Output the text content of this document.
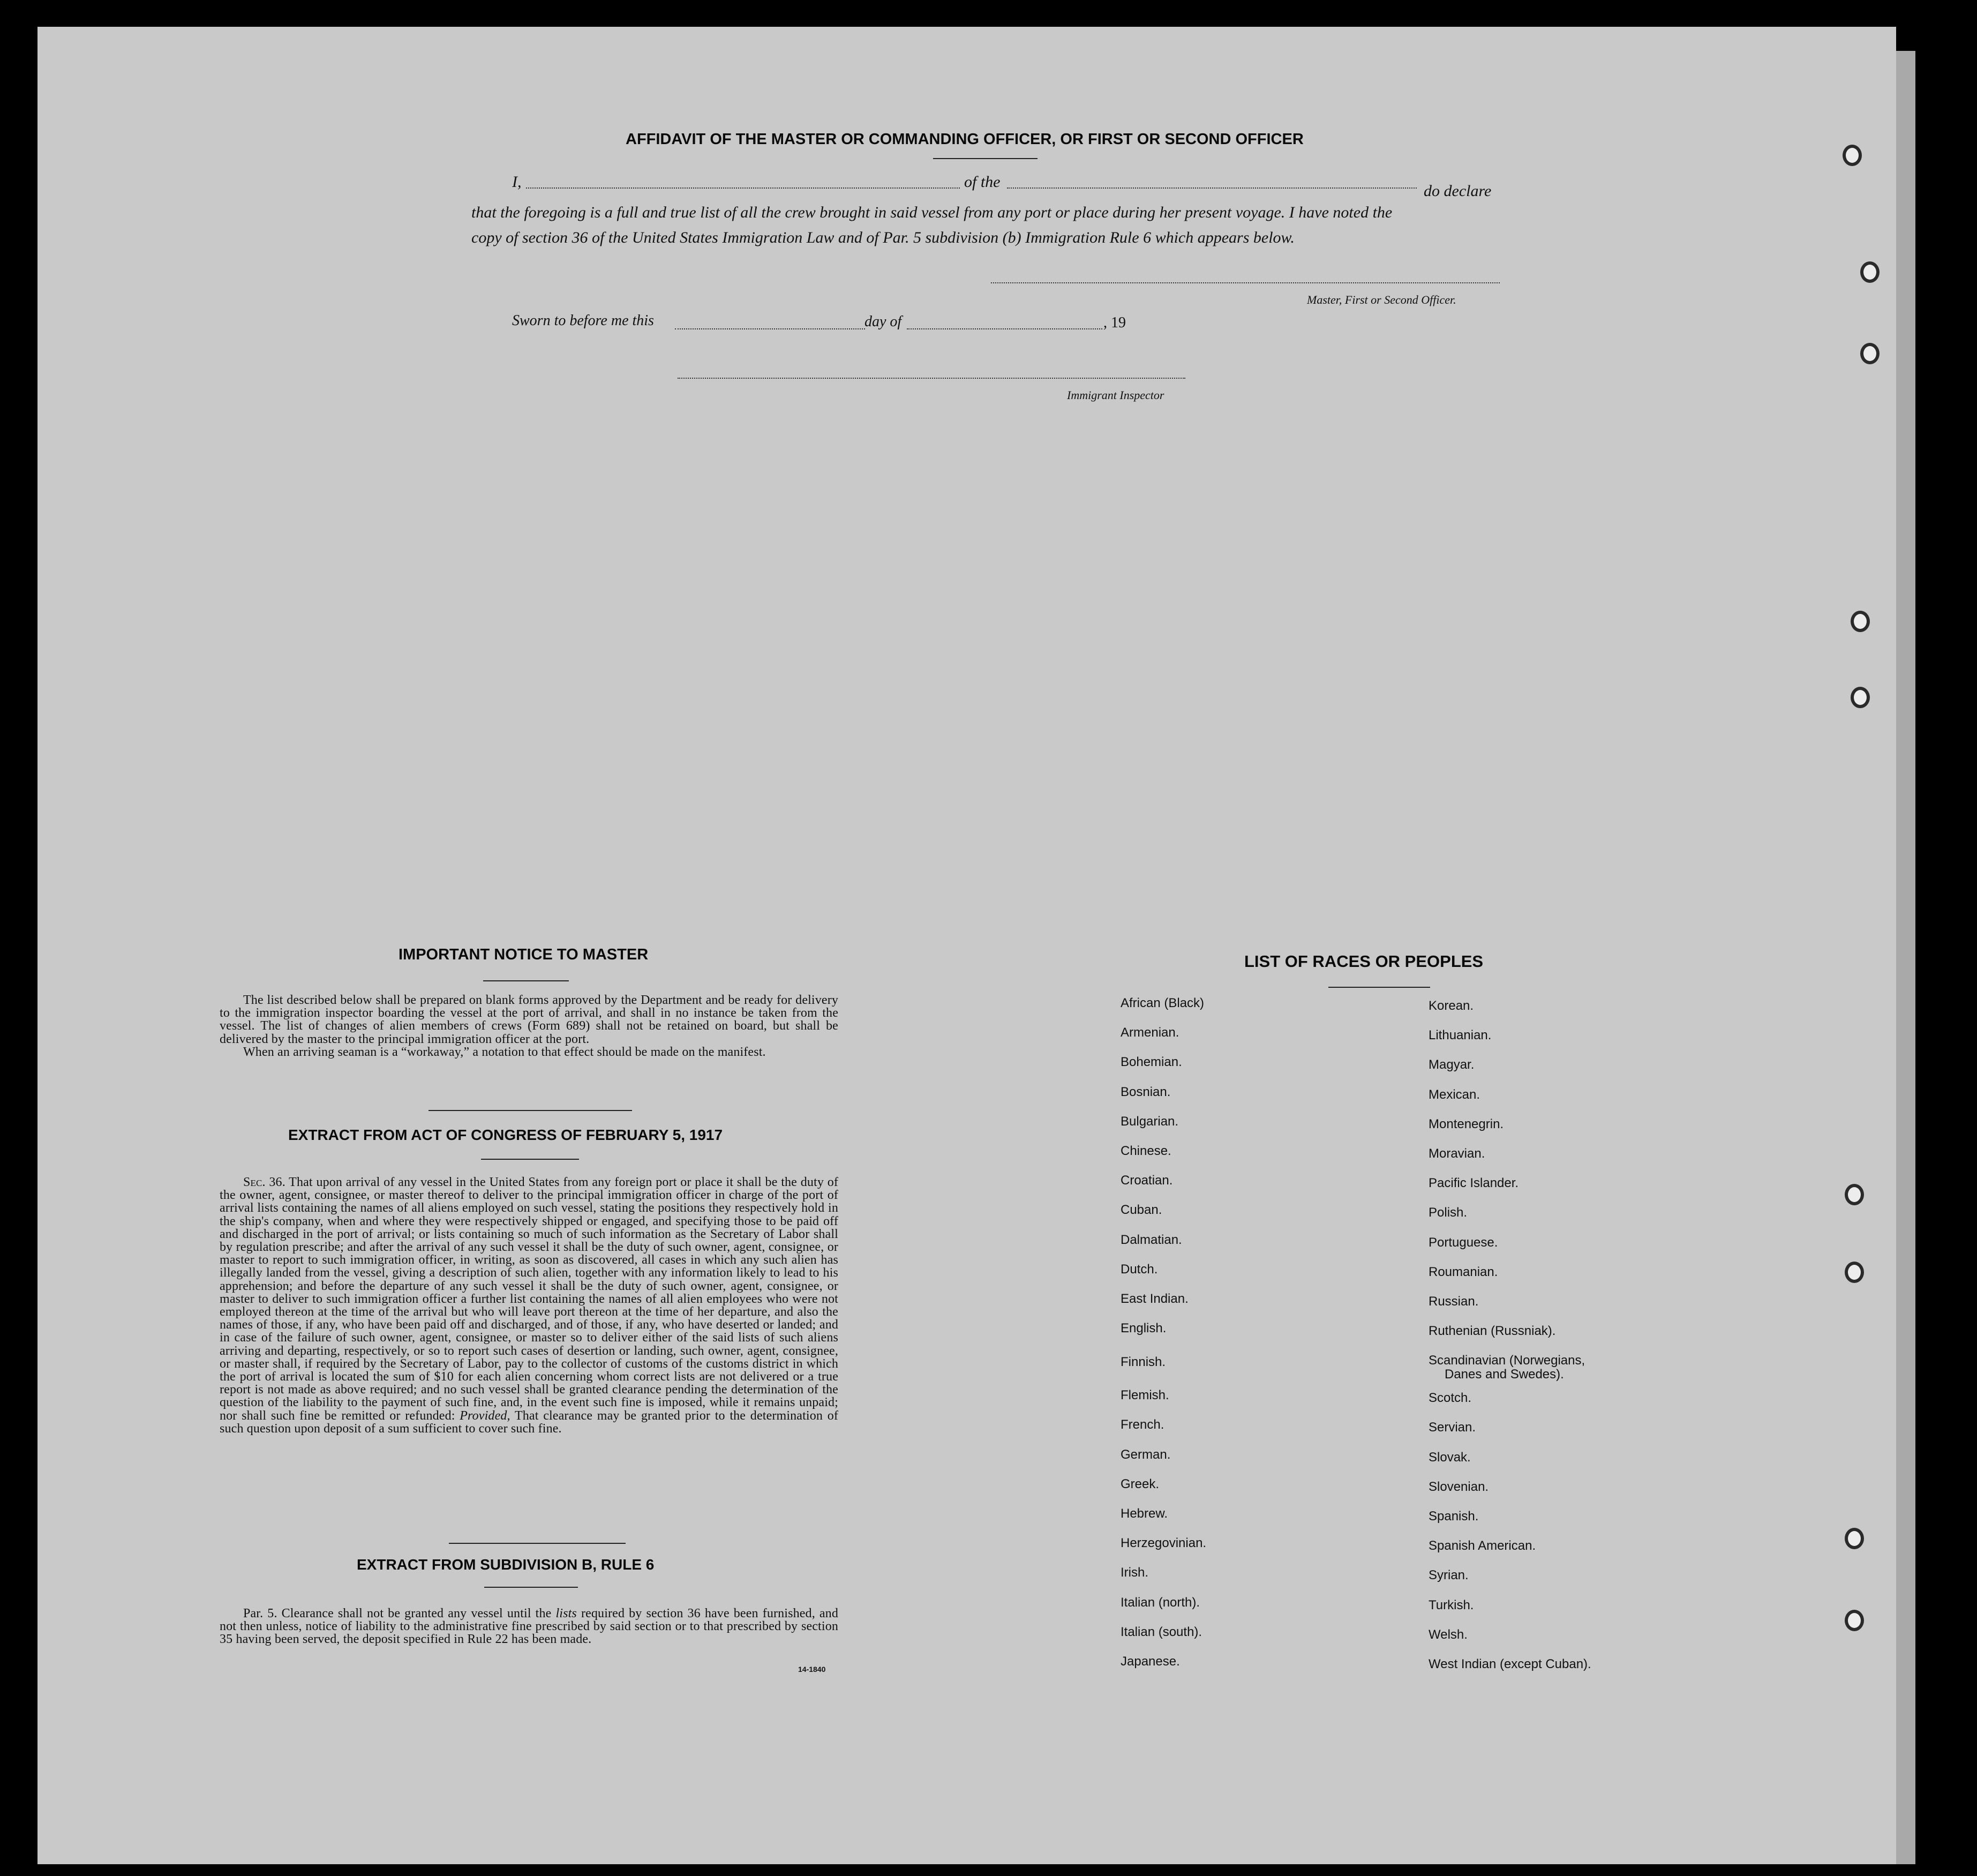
AFFIDAVIT OF THE MASTER OR COMMANDING OFFICER, OR FIRST OR SECOND OFFICER
I,	of the
do declare
that the foregoing is a full and true list of all the crew brought in said vessel from any port or place during her present voyage. I have noted the
copy of section 36 of the United States Immigration Law and of Par. 5 subdivision (b) Immigration Rule 6 which appears below.
Master, First or Second Officer.
Sworn to before me this	day of	, 19
Immigrant Inspector
IMPORTANT NOTICE TO MASTER

The list described below shall be prepared on blank forms approved by the Department and be ready for delivery to the immigration inspector boarding the vessel at the port of arrival, and shall in no instance be taken from the vessel. The list of changes of alien members of crews (Form 689) shall not be retained on board, but shall be delivered by the master to the principal immigration officer at the port.

When an arriving seaman is a “workaway,” a notation to that effect should be made on the manifest.

EXTRACT FROM ACT OF CONGRESS OF FEBRUARY 5, 1917

Sec. 36. That upon arrival of any vessel in the United States from any foreign port or place it shall be the duty of the owner, agent, consignee, or master thereof to deliver to the principal immigration officer in charge of the port of arrival lists containing the names of all aliens employed on such vessel, stating the positions they respectively hold in the ship's company, when and where they were respectively shipped or engaged, and specifying those to be paid off and discharged in the port of arrival; or lists containing so much of such information as the Secretary of Labor shall by regulation prescribe; and after the arrival of any such vessel it shall be the duty of such owner, agent, consignee, or master to report to such immigration officer, in writing, as soon as discovered, all cases in which any such alien has illegally landed from the vessel, giving a description of such alien, together with any information likely to lead to his apprehension; and before the departure of any such vessel it shall be the duty of such owner, agent, consignee, or master to deliver to such immigration officer a further list containing the names of all alien employees who were not employed thereon at the time of the arrival but who will leave port thereon at the time of her departure, and also the names of those, if any, who have been paid off and discharged, and of those, if any, who have deserted or landed; and in case of the failure of such owner, agent, consignee, or master so to deliver either of the said lists of such aliens arriving and departing, respectively, or so to report such cases of desertion or landing, such owner, agent, consignee, or master shall, if required by the Secretary of Labor, pay to the collector of customs of the customs district in which the port of arrival is located the sum of $10 for each alien concerning whom correct lists are not delivered or a true report is not made as above required; and no such vessel shall be granted clearance pending the determination of the question of the liability to the payment of such fine, and, in the event such fine is imposed, while it remains unpaid; nor shall such fine be remitted or refunded: Provided, That clearance may be granted prior to the determination of such question upon deposit of a sum sufficient to cover such fine.

EXTRACT FROM SUBDIVISION B, RULE 6

Par. 5. Clearance shall not be granted any vessel until the lists required by section 36 have been furnished, and not then unless, notice of liability to the administrative fine prescribed by said section or to that prescribed by section 35 having been served, the deposit specified in Rule 22 has been made.

14-1840
LIST OF RACES OR PEOPLES
African (Black)
Armenian.
Bohemian.
Bosnian.
Bulgarian.
Chinese.
Croatian.
Cuban.
Dalmatian.
Dutch.
East Indian.
English.
Finnish.
Flemish.
French.
German.
Greek.
Hebrew.
Herzegovinian.
Irish.
Italian (north).
Italian (south).
Japanese.
Korean.
Lithuanian.
Magyar.
Mexican.
Montenegrin.
Moravian.
Pacific Islander.
Polish.
Portuguese.
Roumanian.
Russian.
Ruthenian (Russniak).
Scandinavian (Norwegians,
Danes and Swedes).
Scotch.
Servian.
Slovak.
Slovenian.
Spanish.
Spanish American.
Syrian.
Turkish.
Welsh.
West Indian (except Cuban).
